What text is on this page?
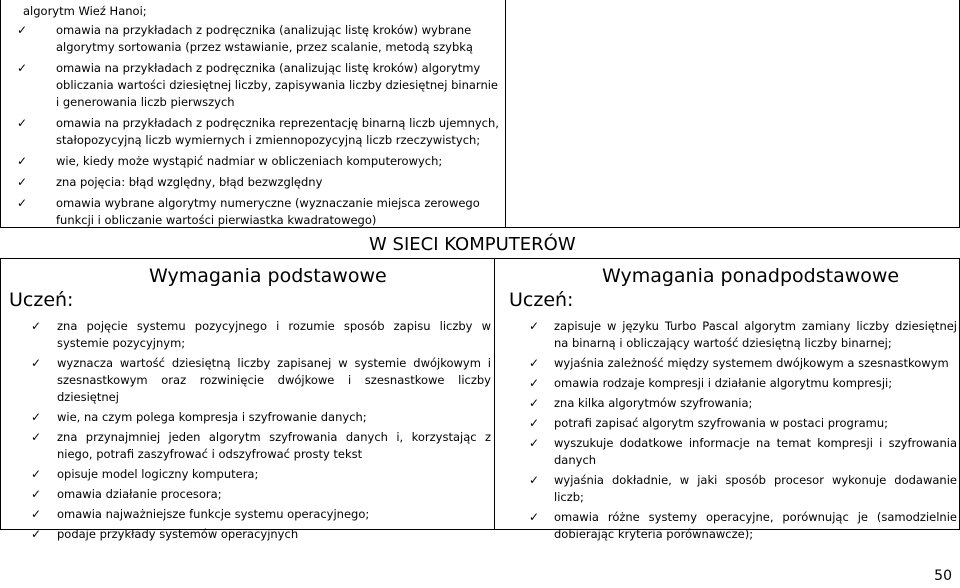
algorytm Wieź Hanoi;
✓	omawia na przykładach z podręcznika (analizując listę kroków) wybrane algorytmy sortowania (przez wstawianie, przez scalanie, metodą szybką
✓	omawia na przykładach z podręcznika (analizując listę kroków) algorytmy obliczania wartości dziesiętnej liczby, zapisywania liczby dziesiętnej binarnie i generowania liczb pierwszych
✓	omawia na przykładach z podręcznika reprezentację binarną liczb ujemnych, stałopozycyjną liczb wymiernych i zmiennopozycyjną liczb rzeczywistych;
✓	wie, kiedy może wystąpić nadmiar w obliczeniach komputerowych;
✓	zna pojęcia: błąd względny, błąd bezwzględny
✓	omawia wybrane algorytmy numeryczne (wyznaczanie miejsca zerowego funkcji i obliczanie wartości pierwiastka kwadratowego)
W SIECI KOMPUTERÓW
Uczeń:
Wymagania podstawowe
✓ zna pojęcie systemu pozycyjnego i rozumie sposób zapisu liczby w systemie pozycyjnym;
✓ wyznacza wartość dziesiętną liczby zapisanej w systemie dwójkowym i szesnastkowym oraz rozwinięcie dwójkowe i szesnastkowe liczby dziesiętnej
✓ wie, na czym polega kompresja i szyfrowanie danych;
✓ zna przynajmniej jeden algorytm szyfrowania danych i, korzystając z niego, potrafi zaszyfrować i odszyfrować prosty tekst
✓ opisuje model logiczny komputera;
✓ omawia działanie procesora;
✓ omawia najważniejsze funkcje systemu operacyjnego;
✓ podaje przykłady systemów operacyjnych
Uczeń:
Wymagania ponadpodstawowe
✓ zapisuje w języku Turbo Pascal algorytm zamiany liczby dziesiętnej na binarną i obliczający wartość dziesiętną liczby binarnej;
✓ wyjaśnia zależność między systemem dwójkowym a szesnastkowym
✓ omawia rodzaje kompresji i działanie algorytmu kompresji;
✓ zna kilka algorytmów szyfrowania;
✓ potrafi zapisać algorytm szyfrowania w postaci programu;
✓ wyszukuje dodatkowe informacje na temat kompresji i szyfrowania danych
✓ wyjaśnia dokładnie, w jaki sposób procesor wykonuje dodawanie liczb;
✓ omawia różne systemy operacyjne, porównując je (samodzielnie dobierając kryteria porównawcze);
50
